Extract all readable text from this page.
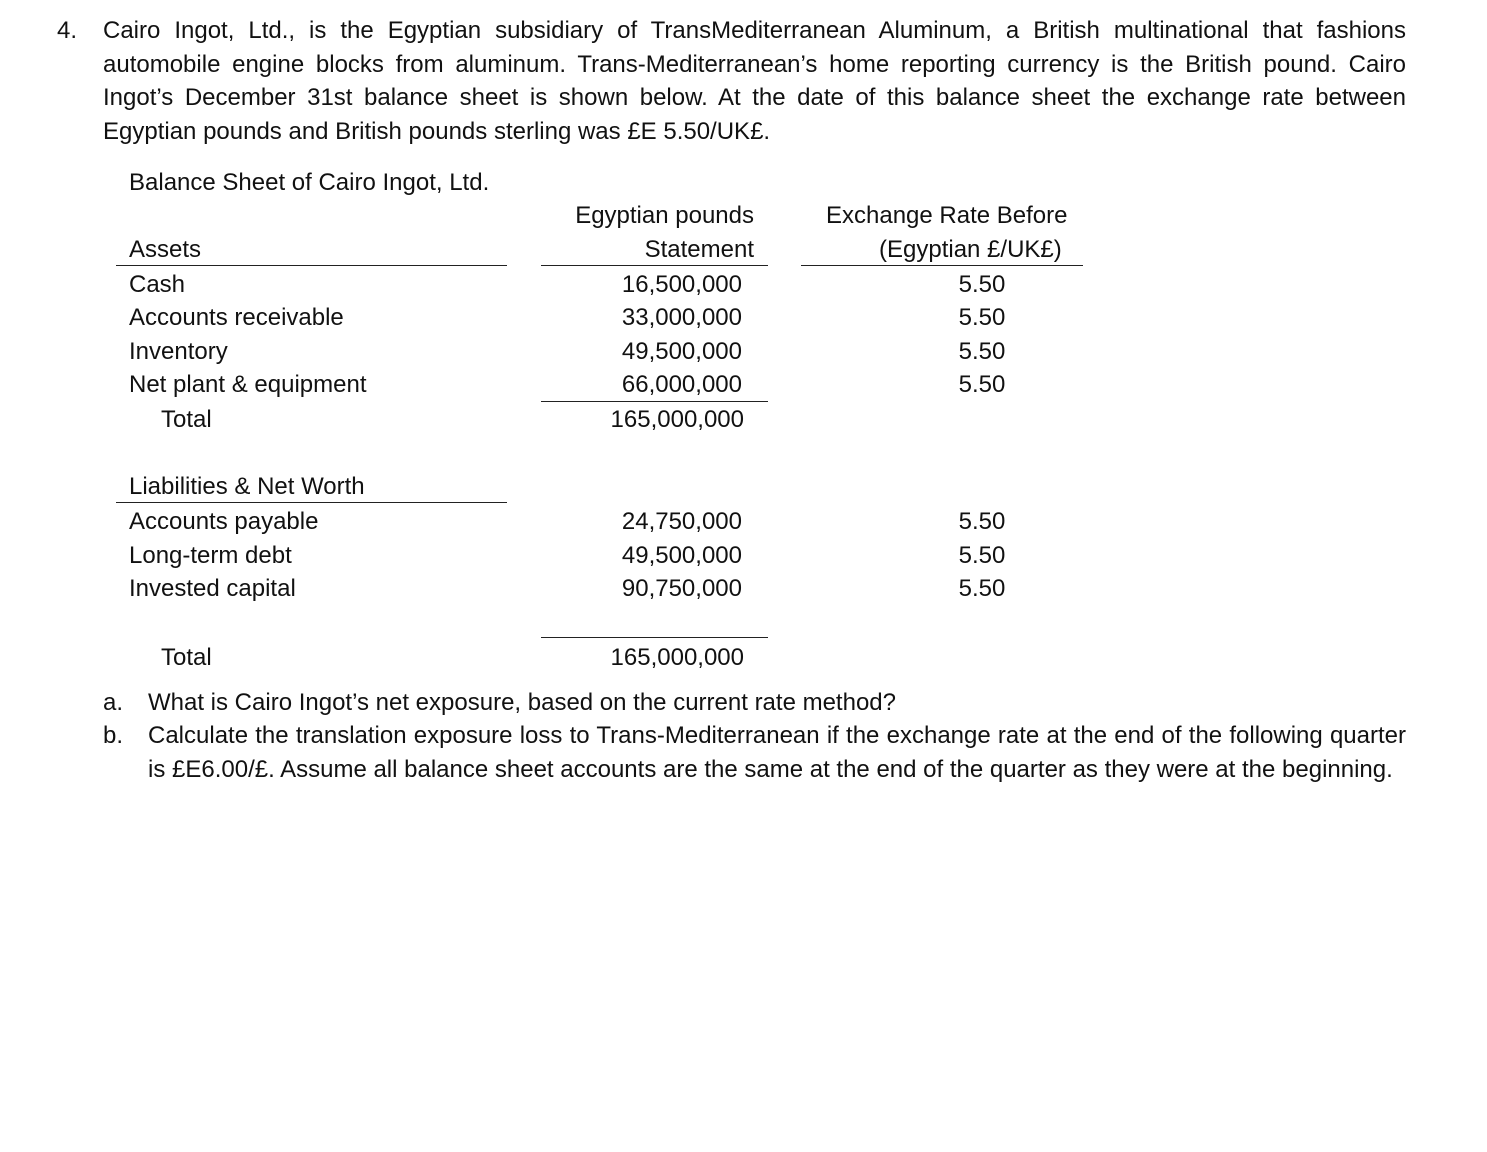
4. Cairo Ingot, Ltd., is the Egyptian subsidiary of TransMediterranean Aluminum, a British multinational that fashions automobile engine blocks from aluminum. Trans-Mediterranean’s home reporting currency is the British pound. Cairo Ingot’s December 31st balance sheet is shown below. At the date of this balance sheet the exchange rate between Egyptian pounds and British pounds sterling was £E 5.50/UK£.
Balance Sheet of Cairo Ingot, Ltd.
Egyptian pounds
Statement
Exchange Rate Before
(Egyptian £/UK£)
Assets
Cash	16,500,000	5.50
Accounts receivable	33,000,000	5.50
Inventory	49,500,000	5.50
Net plant & equipment	66,000,000	5.50
Total	165,000,000
Liabilities & Net Worth
Accounts payable	24,750,000	5.50
Long-term debt	49,500,000	5.50
Invested capital	90,750,000	5.50
Total	165,000,000
a. What is Cairo Ingot’s net exposure, based on the current rate method?
b. Calculate the translation exposure loss to Trans-Mediterranean if the exchange rate at the end of the following quarter is £E6.00/£. Assume all balance sheet accounts are the same at the end of the quarter as they were at the beginning.
